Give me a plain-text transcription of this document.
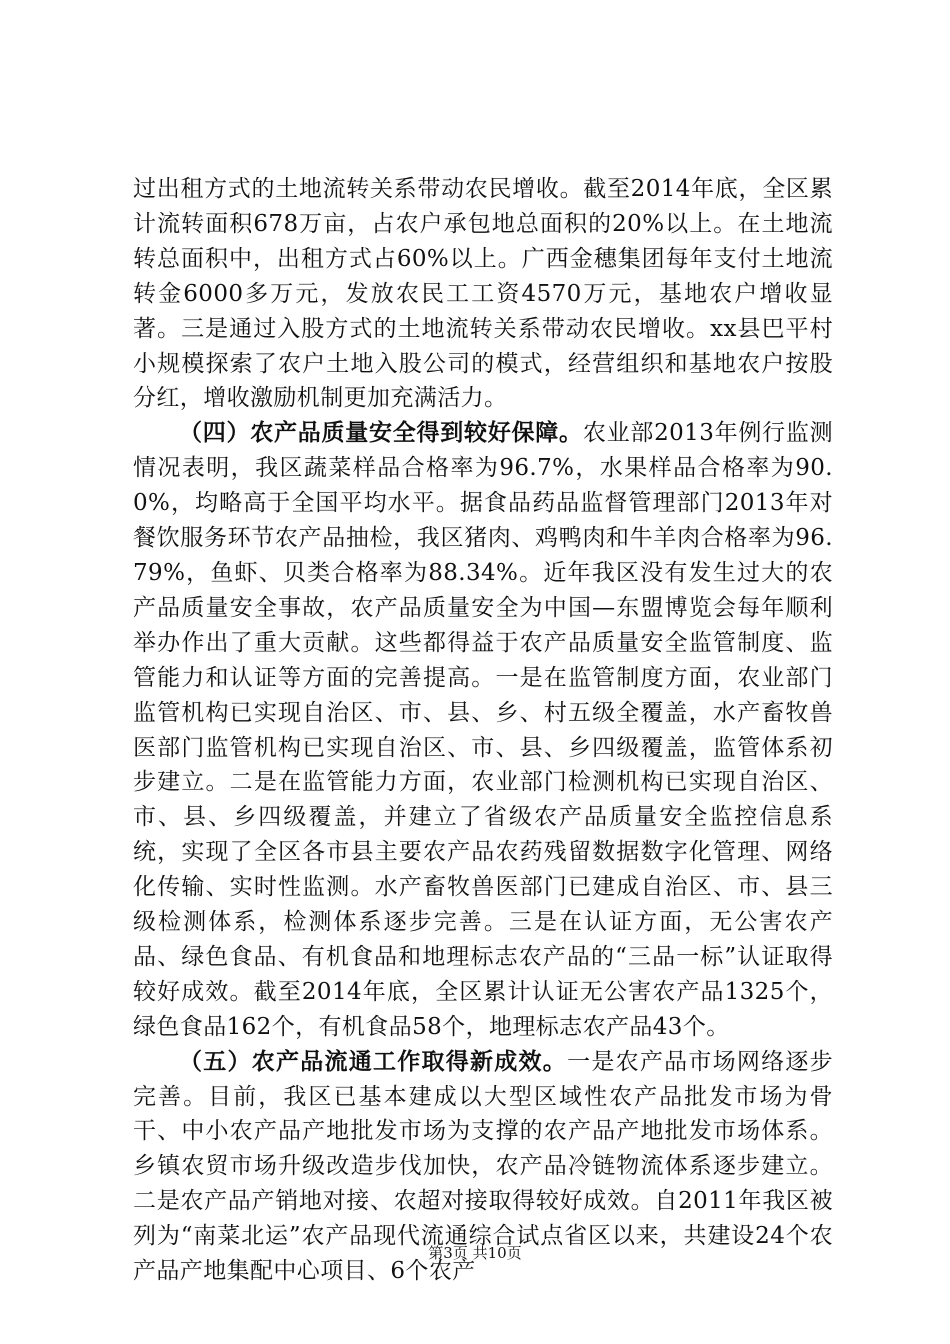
过出租方式的土地流转关系带动农民增收。截至2014年底，全区累计流转面积678万亩，占农户承包地总面积的20%以上。在土地流转总面积中，出租方式占60%以上。广西金穗集团每年支付土地流转金6000多万元，发放农民工工资4570万元，基地农户增收显著。三是通过入股方式的土地流转关系带动农民增收。xx县巴平村小规模探索了农户土地入股公司的模式，经营组织和基地农户按股分红，增收激励机制更加充满活力。

（四）农产品质量安全得到较好保障。农业部2013年例行监测情况表明，我区蔬菜样品合格率为96.7%，水果样品合格率为90.0%，均略高于全国平均水平。据食品药品监督管理部门2013年对餐饮服务环节农产品抽检，我区猪肉、鸡鸭肉和牛羊肉合格率为96.79%，鱼虾、贝类合格率为88.34%。近年我区没有发生过大的农产品质量安全事故，农产品质量安全为中国—东盟博览会每年顺利举办作出了重大贡献。这些都得益于农产品质量安全监管制度、监管能力和认证等方面的完善提高。一是在监管制度方面，农业部门监管机构已实现自治区、市、县、乡、村五级全覆盖，水产畜牧兽医部门监管机构已实现自治区、市、县、乡四级覆盖，监管体系初步建立。二是在监管能力方面，农业部门检测机构已实现自治区、市、县、乡四级覆盖，并建立了省级农产品质量安全监控信息系统，实现了全区各市县主要农产品农药残留数据数字化管理、网络化传输、实时性监测。水产畜牧兽医部门已建成自治区、市、县三级检测体系，检测体系逐步完善。三是在认证方面，无公害农产品、绿色食品、有机食品和地理标志农产品的“三品一标”认证取得较好成效。截至2014年底，全区累计认证无公害农产品1325个，绿色食品162个，有机食品58个，地理标志农产品43个。

（五）农产品流通工作取得新成效。一是农产品市场网络逐步完善。目前，我区已基本建成以大型区域性农产品批发市场为骨干、中小农产品产地批发市场为支撑的农产品产地批发市场体系。乡镇农贸市场升级改造步伐加快，农产品冷链物流体系逐步建立。二是农产品产销地对接、农超对接取得较好成效。自2011年我区被列为“南菜北运”农产品现代流通综合试点省区以来，共建设24个农产品产地集配中心项目、6个农产

第3页 共10页
